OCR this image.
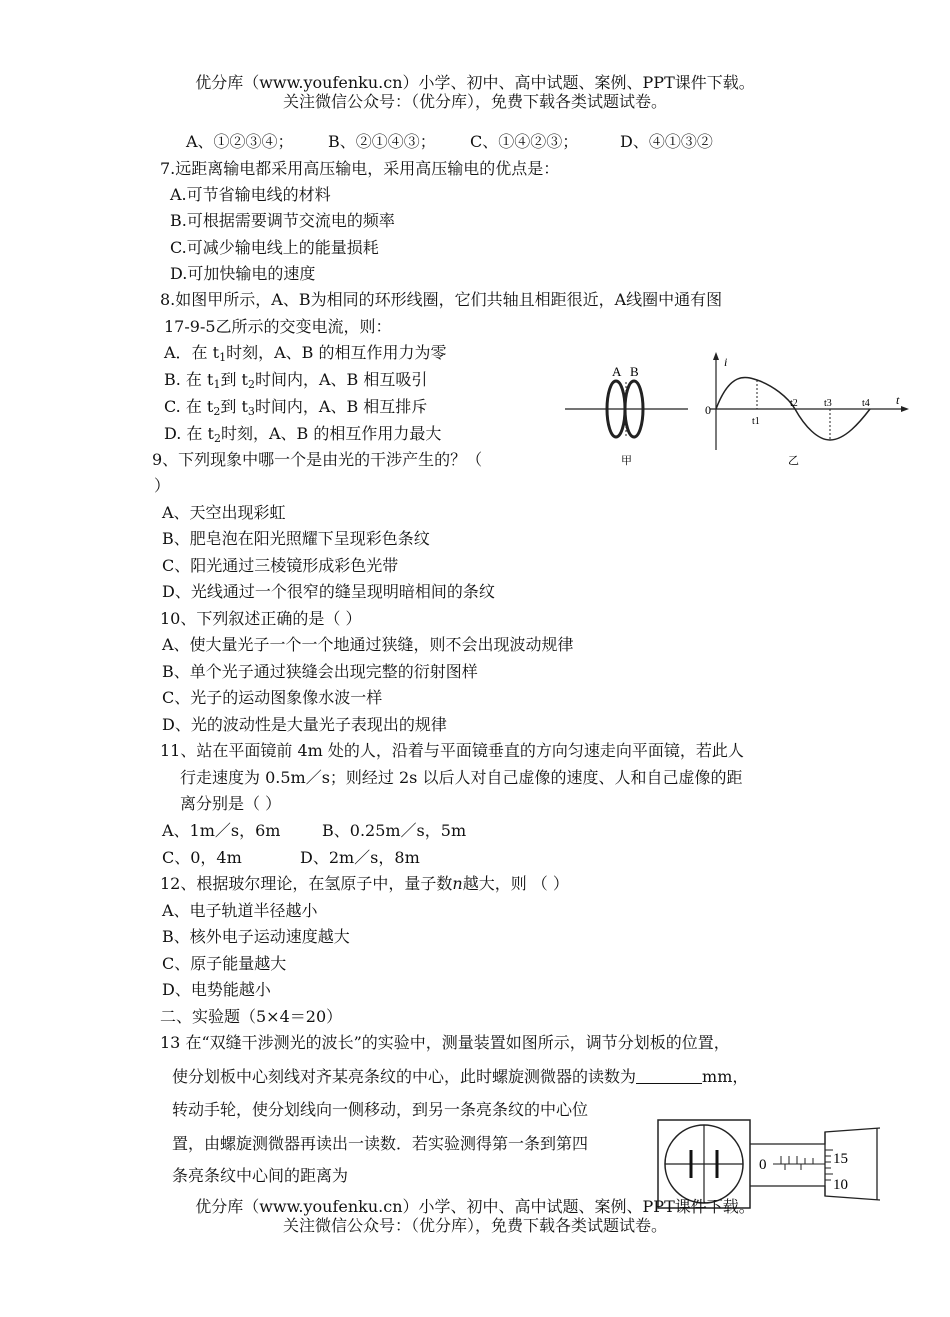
优分库（www.youfenku.cn）小学、初中、高中试题、案例、PPT课件下载。
关注微信公众号：（优分库），免费下载各类试题试卷。
A、①②③④； B、②①④③； C、①④②③；	D、④①③②
7.远距离输电都采用高压输电，采用高压输电的优点是：
A.可节省输电线的材料
B.可根据需要调节交流电的频率
C.可减少输电线上的能量损耗
D.可加快输电的速度
8.如图甲所示，A、B为相同的环形线圈，它们共轴且相距很近，A线圈中通有图
17-9-5乙所示的交变电流，则：
A．在 $t_1$时刻，A、B 的相互作用力为零
B. 在 $t_1$到 $t_2$时间内，A、B 相互吸引
C. 在 $t_2$到 $t_3$时间内，A、B 相互排斥
D. 在 $t_2$时刻，A、B 的相互作用力最大
A B
甲
i
t
0
t1
t2	t3	t4
乙
9、下列现象中哪一个是由光的干涉产生的？（
）
A、天空出现彩虹
B、肥皂泡在阳光照耀下呈现彩色条纹
C、阳光通过三棱镜形成彩色光带
D、光线通过一个很窄的缝呈现明暗相间的条纹
10、下列叙述正确的是（ ）
A、使大量光子一个一个地通过狭缝，则不会出现波动规律
B、单个光子通过狭缝会出现完整的衍射图样
C、光子的运动图象像水波一样
D、光的波动性是大量光子表现出的规律
11、站在平面镜前 4m 处的人，沿着与平面镜垂直的方向匀速走向平面镜，若此人
行走速度为 0.5m／s；则经过 2s 以后人对自己虚像的速度、人和自己虚像的距
离分别是（ ）
A、1m／s，6m	B、0.25m／s，5m
C、0，4m	D、2m／s，8m
12、根据玻尔理论，在氢原子中，量子数n越大，则 （ ）
A、电子轨道半径越小
B、核外电子运动速度越大
C、原子能量越大
D、电势能越小
二、实验题（5×4＝20）
13 在“双缝干涉测光的波长”的实验中，测量装置如图所示，调节分划板的位置，
使分划板中心刻线对齐某亮条纹的中心，此时螺旋测微器的读数为	mm，
转动手轮，使分划线向一侧移动，到另一条亮条纹的中心位
置，由螺旋测微器再读出一读数．若实验测得第一条到第四
条亮条纹中心间的距离为
0	15
10
优分库（www.youfenku.cn）小学、初中、高中试题、案例、PPT课件下载。
关注微信公众号：（优分库），免费下载各类试题试卷。
